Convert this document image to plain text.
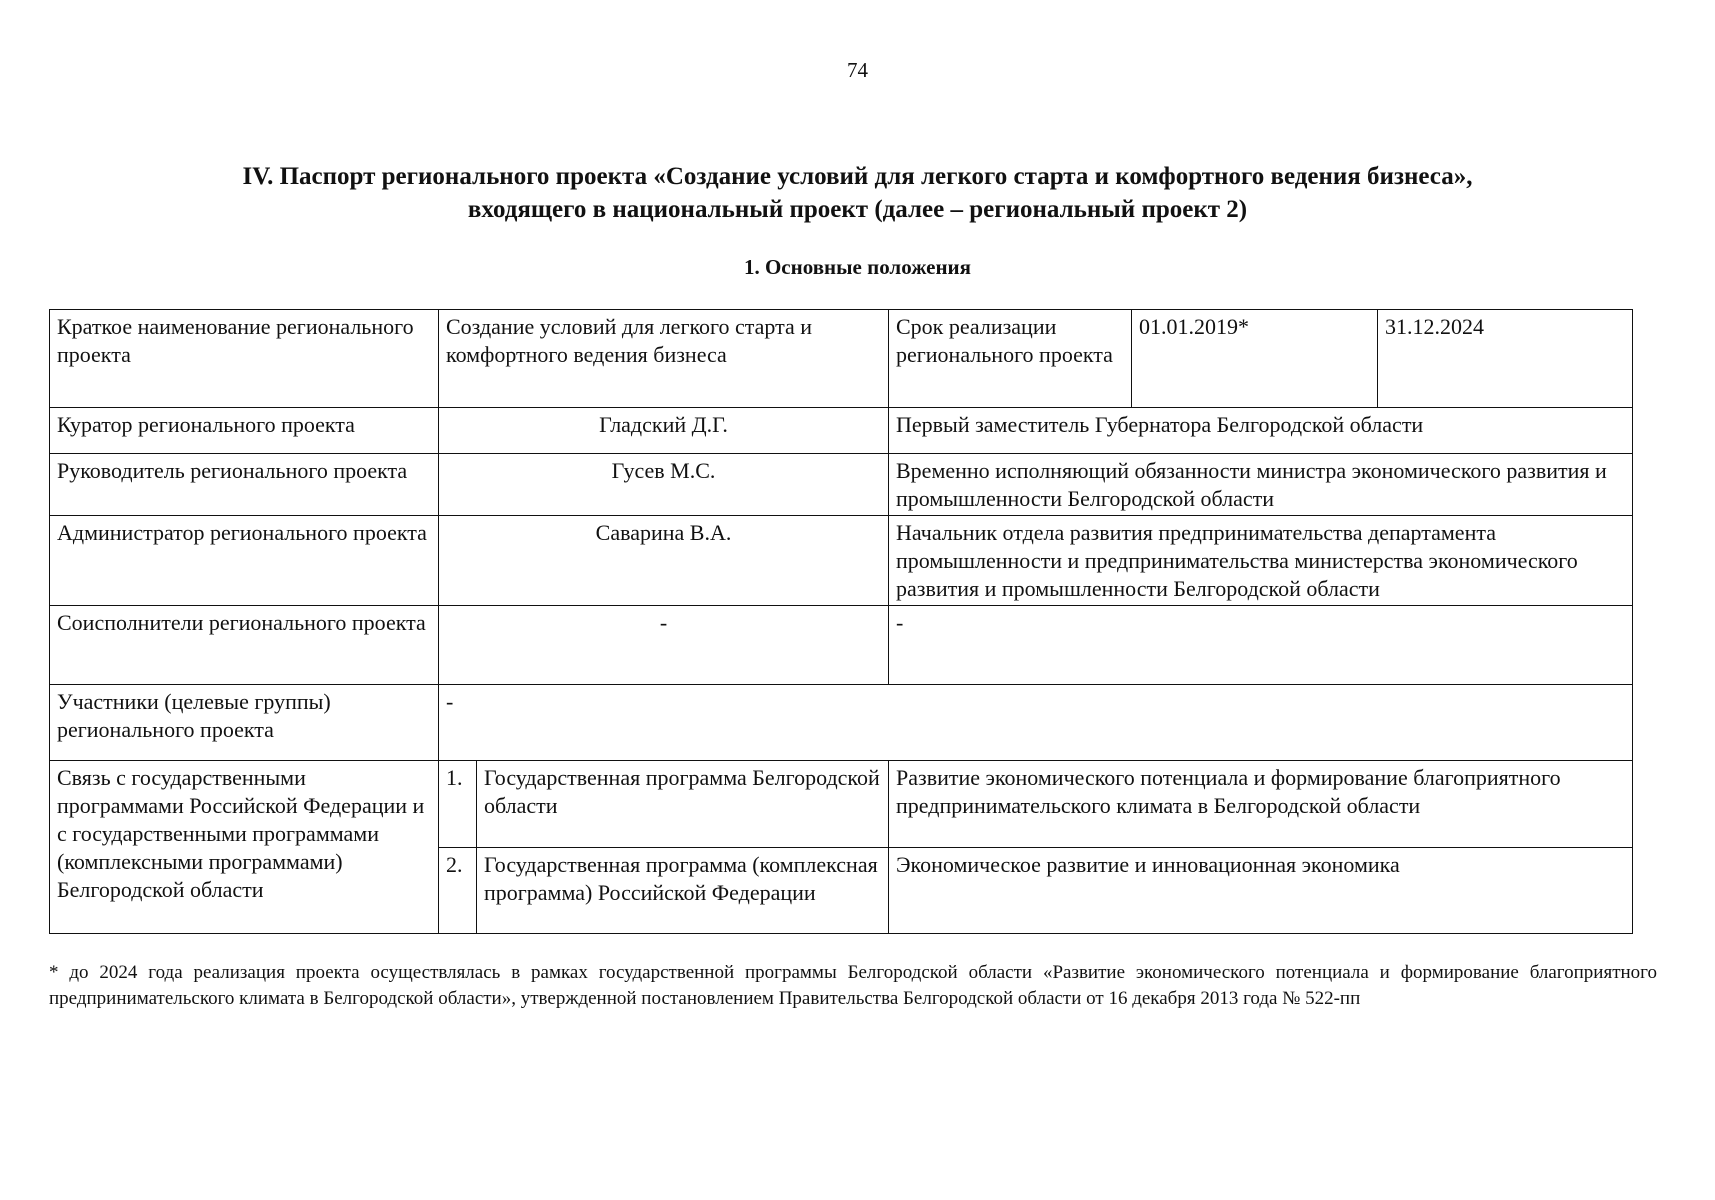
74
IV. Паспорт регионального проекта «Создание условий для легкого старта и комфортного ведения бизнеса»,
входящего в национальный проект (далее – региональный проект 2)
1. Основные положения
Краткое наименование регионального проекта	Создание условий для легкого старта и комфортного ведения бизнеса		Срок реализации регионального проекта	01.01.2019*	31.12.2024
Куратор регионального проекта	Гладский Д.Г.		Первый заместитель Губернатора Белгородской области		
Руководитель регионального проекта	Гусев М.С.		Временно исполняющий обязанности министра экономического развития и промышленности Белгородской области		
Администратор регионального проекта	Саварина В.А.		Начальник отдела развития предпринимательства департамента промышленности и предпринимательства министерства экономического развития и промышленности Белгородской области		
Соисполнители регионального проекта	-		-		
Участники (целевые группы) регионального проекта	-				
Связь с государственными программами Российской Федерации и с государственными программами (комплексными программами) Белгородской области	1.	Государственная программа Белгородской области	Развитие экономического потенциала и формирование благоприятного предпринимательского климата в Белгородской области		
	2.	Государственная программа (комплексная программа) Российской Федерации	Экономическое развитие и инновационная экономика		
* до 2024 года реализация проекта осуществлялась в рамках государственной программы Белгородской области «Развитие экономического потенциала и формирование благоприятного предпринимательского климата в Белгородской области», утвержденной постановлением Правительства Белгородской области от 16 декабря 2013 года № 522-пп
